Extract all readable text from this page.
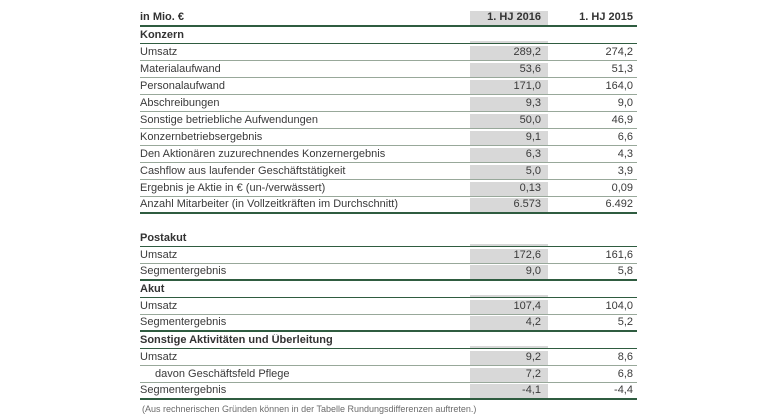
in Mio. €	1. HJ 2016	1. HJ 2015
Konzern
Umsatz	289,2	274,2
Materialaufwand	53,6	51,3
Personalaufwand	171,0	164,0
Abschreibungen	9,3	9,0
Sonstige betriebliche Aufwendungen	50,0	46,9
Konzernbetriebsergebnis	9,1	6,6
Den Aktionären zuzurechnendes Konzernergebnis	6,3	4,3
Cashflow aus laufender Geschäftstätigkeit	5,0	3,9
Ergebnis je Aktie in € (un-/verwässert)	0,13	0,09
Anzahl Mitarbeiter (in Vollzeitkräften im Durchschnitt)	6.573	6.492
Postakut
Umsatz	172,6	161,6
Segmentergebnis	9,0	5,8
Akut
Umsatz	107,4	104,0
Segmentergebnis	4,2	5,2
Sonstige Aktivitäten und Überleitung
Umsatz	9,2	8,6
davon Geschäftsfeld Pflege	7,2	6,8
Segmentergebnis	-4,1	-4,4
(Aus rechnerischen Gründen können in der Tabelle Rundungsdifferenzen auftreten.)
